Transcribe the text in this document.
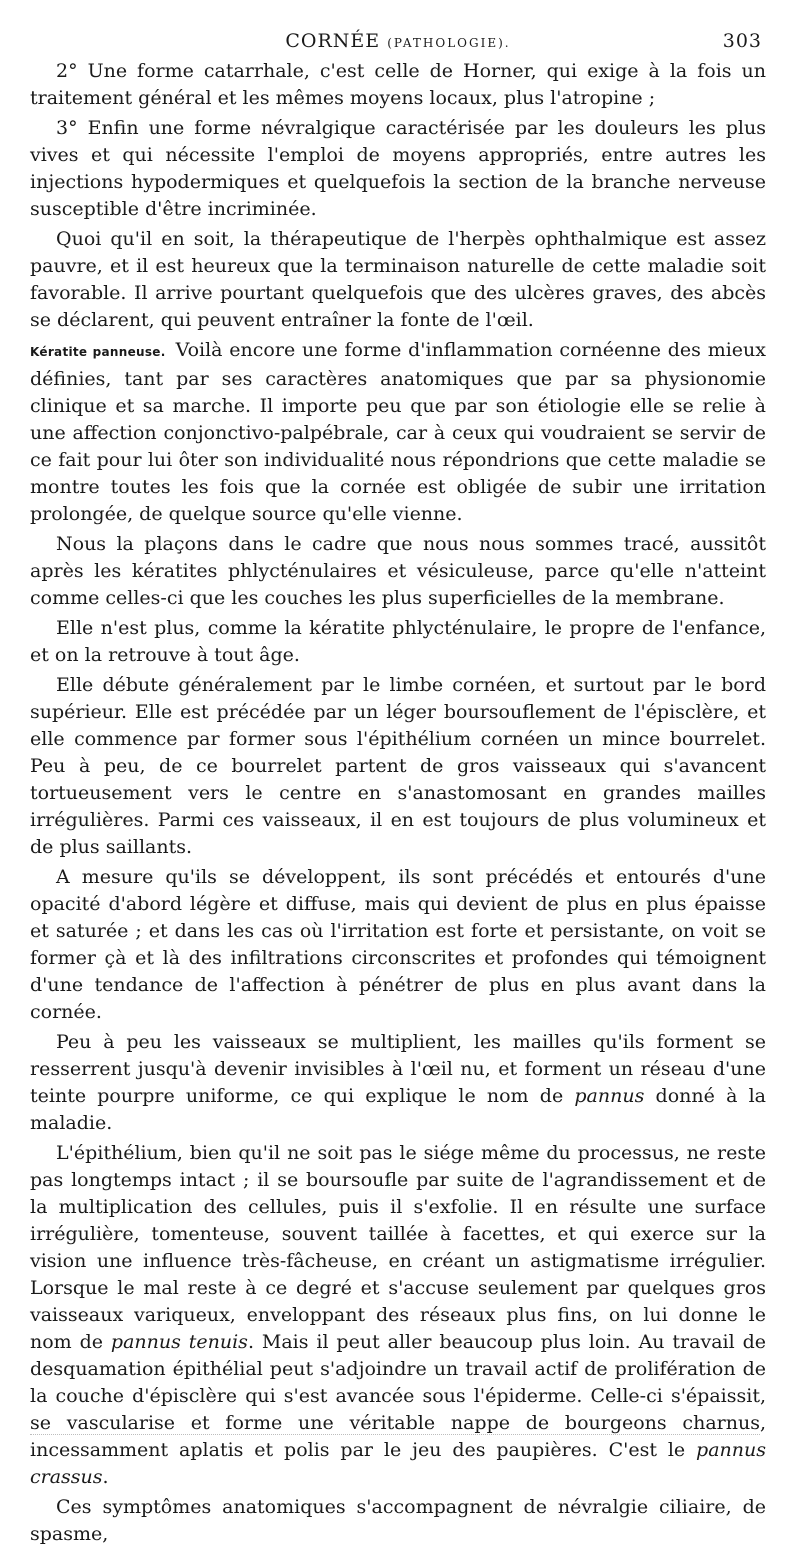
CORNÉE (PATHOLOGIE).	303

2° Une forme catarrhale, c'est celle de Horner, qui exige à la fois un traitement général et les mêmes moyens locaux, plus l'atropine ;

3° Enfin une forme névralgique caractérisée par les douleurs les plus vives et qui nécessite l'emploi de moyens appropriés, entre autres les injections hypodermiques et quelquefois la section de la branche nerveuse susceptible d'être incriminée.

Quoi qu'il en soit, la thérapeutique de l'herpès ophthalmique est assez pauvre, et il est heureux que la terminaison naturelle de cette maladie soit favorable. Il arrive pourtant quelquefois que des ulcères graves, des abcès se déclarent, qui peuvent entraîner la fonte de l'œil.

Kératite panneuse. Voilà encore une forme d'inflammation cornéenne des mieux définies, tant par ses caractères anatomiques que par sa physionomie clinique et sa marche. Il importe peu que par son étiologie elle se relie à une affection conjonctivo-palpébrale, car à ceux qui voudraient se servir de ce fait pour lui ôter son individualité nous répondrions que cette maladie se montre toutes les fois que la cornée est obligée de subir une irritation prolongée, de quelque source qu'elle vienne.

Nous la plaçons dans le cadre que nous nous sommes tracé, aussitôt après les kératites phlycténulaires et vésiculeuse, parce qu'elle n'atteint comme celles-ci que les couches les plus superficielles de la membrane.

Elle n'est plus, comme la kératite phlycténulaire, le propre de l'enfance, et on la retrouve à tout âge.

Elle débute généralement par le limbe cornéen, et surtout par le bord supérieur. Elle est précédée par un léger boursouflement de l'épisclère, et elle commence par former sous l'épithélium cornéen un mince bourrelet. Peu à peu, de ce bourrelet partent de gros vaisseaux qui s'avancent tortueusement vers le centre en s'anastomosant en grandes mailles irrégulières. Parmi ces vaisseaux, il en est toujours de plus volumineux et de plus saillants.

A mesure qu'ils se développent, ils sont précédés et entourés d'une opacité d'abord légère et diffuse, mais qui devient de plus en plus épaisse et saturée ; et dans les cas où l'irritation est forte et persistante, on voit se former çà et là des infiltrations circonscrites et profondes qui témoignent d'une tendance de l'affection à pénétrer de plus en plus avant dans la cornée.

Peu à peu les vaisseaux se multiplient, les mailles qu'ils forment se resserrent jusqu'à devenir invisibles à l'œil nu, et forment un réseau d'une teinte pourpre uniforme, ce qui explique le nom de pannus donné à la maladie.

L'épithélium, bien qu'il ne soit pas le siége même du processus, ne reste pas longtemps intact ; il se boursoufle par suite de l'agrandissement et de la multiplication des cellules, puis il s'exfolie. Il en résulte une surface irrégulière, tomenteuse, souvent taillée à facettes, et qui exerce sur la vision une influence très-fâcheuse, en créant un astigmatisme irrégulier. Lorsque le mal reste à ce degré et s'accuse seulement par quelques gros vaisseaux variqueux, enveloppant des réseaux plus fins, on lui donne le nom de pannus tenuis. Mais il peut aller beaucoup plus loin. Au travail de desquamation épithélial peut s'adjoindre un travail actif de prolifération de la couche d'épisclère qui s'est avancée sous l'épiderme. Celle-ci s'épaissit, se vascularise et forme une véritable nappe de bourgeons charnus, incessamment aplatis et polis par le jeu des paupières. C'est le pannus crassus.

Ces symptômes anatomiques s'accompagnent de névralgie ciliaire, de spasme,
